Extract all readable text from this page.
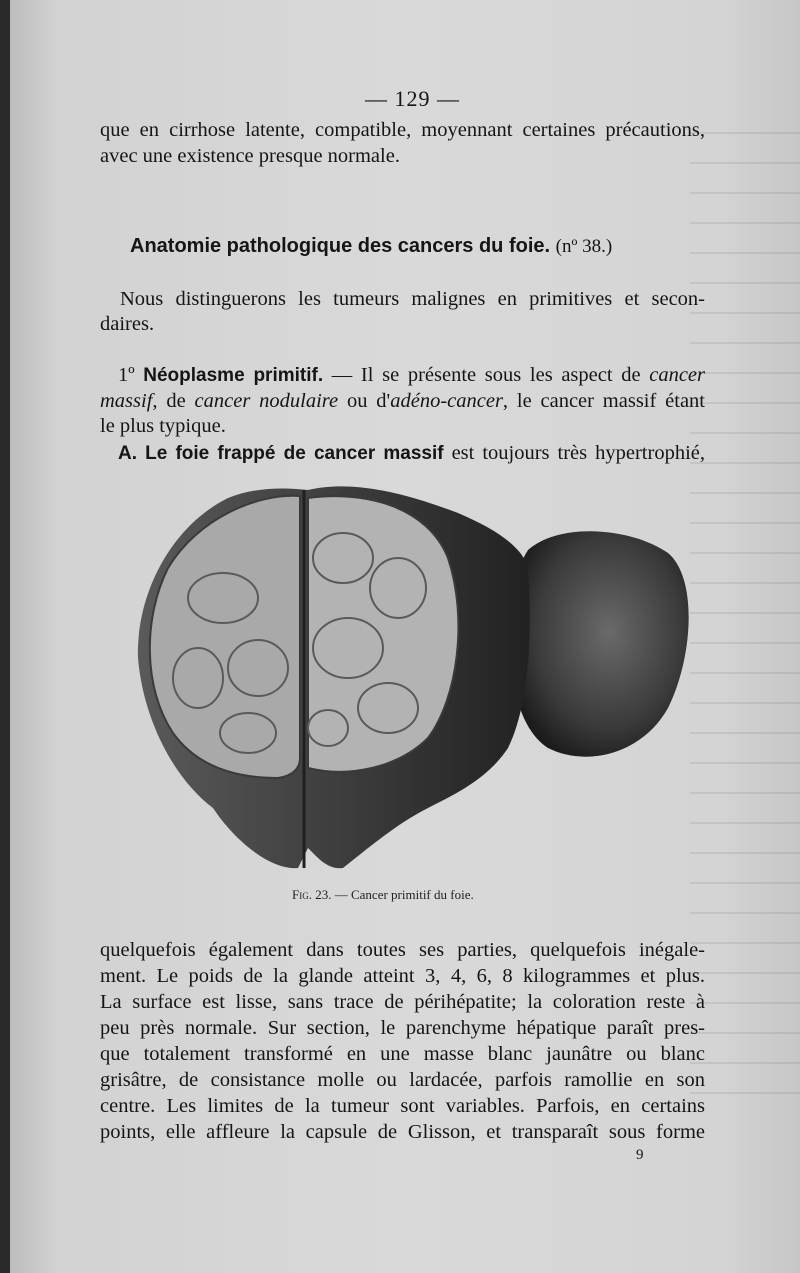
— 129 —
que en cirrhose latente, compatible, moyennant certaines précautions,
avec une existence presque normale.
Anatomie pathologique des cancers du foie. (nº 38.)
Nous distinguerons les tumeurs malignes en primitives et secon-
daires.
1º Néoplasme primitif. — Il se présente sous les aspect de cancer
massif, de cancer nodulaire ou d'adéno-cancer, le cancer massif étant
le plus typique.
A. Le foie frappé de cancer massif est toujours très hypertrophié,
Fig. 23. — Cancer primitif du foie.
quelquefois également dans toutes ses parties, quelquefois inégale-
ment. Le poids de la glande atteint 3, 4, 6, 8 kilogrammes et plus.
La surface est lisse, sans trace de périhépatite; la coloration reste à
peu près normale. Sur section, le parenchyme hépatique paraît pres-
que totalement transformé en une masse blanc jaunâtre ou blanc
grisâtre, de consistance molle ou lardacée, parfois ramollie en son
centre. Les limites de la tumeur sont variables. Parfois, en certains
points, elle affleure la capsule de Glisson, et transparaît sous forme
9
